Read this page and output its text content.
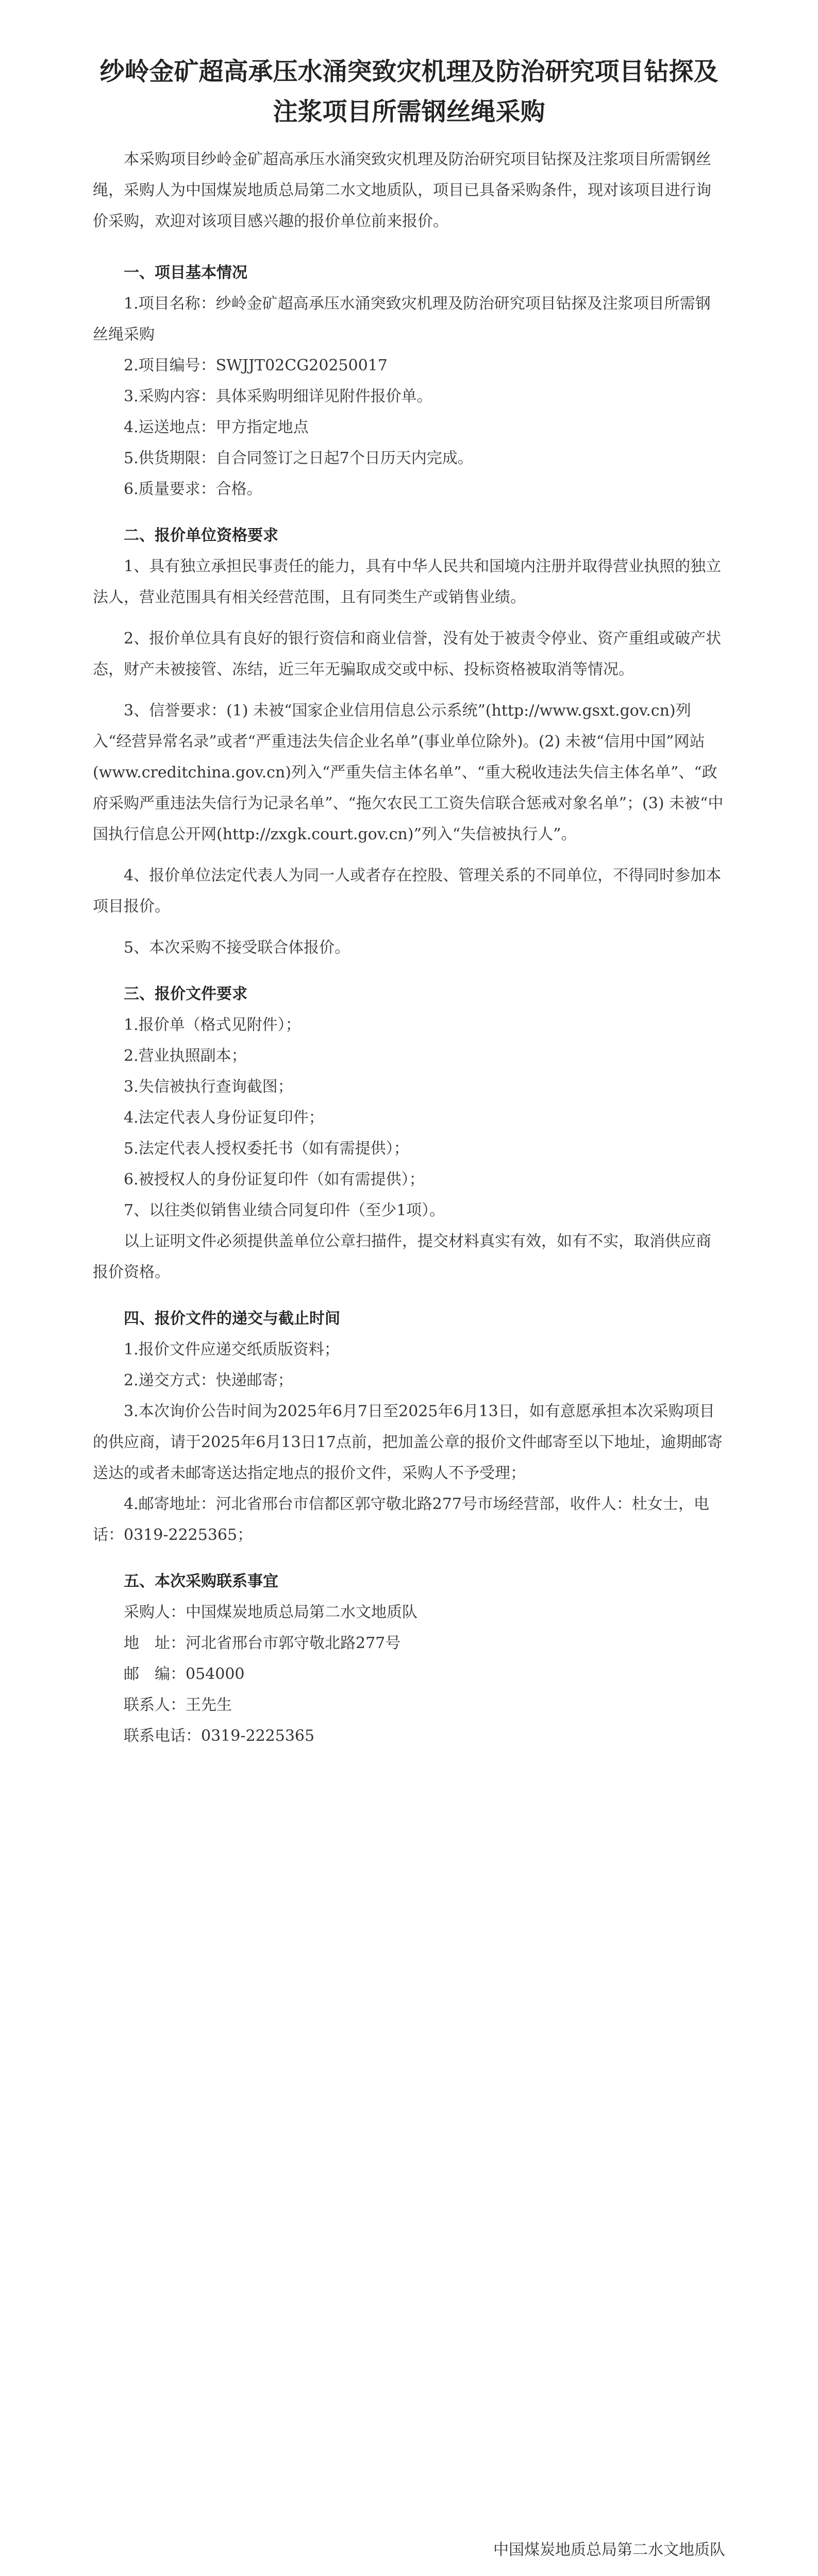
纱岭金矿超高承压水涌突致灾机理及防治研究项目钻探及注浆项目所需钢丝绳采购

本采购项目纱岭金矿超高承压水涌突致灾机理及防治研究项目钻探及注浆项目所需钢丝绳，采购人为中国煤炭地质总局第二水文地质队，项目已具备采购条件，现对该项目进行询价采购，欢迎对该项目感兴趣的报价单位前来报价。

一、项目基本情况

1.项目名称：纱岭金矿超高承压水涌突致灾机理及防治研究项目钻探及注浆项目所需钢丝绳采购

2.项目编号：SWJJT02CG20250017

3.采购内容：具体采购明细详见附件报价单。

4.运送地点：甲方指定地点

5.供货期限：自合同签订之日起7个日历天内完成。

6.质量要求：合格。

二、报价单位资格要求

1、具有独立承担民事责任的能力，具有中华人民共和国境内注册并取得营业执照的独立法人，营业范围具有相关经营范围，且有同类生产或销售业绩。

2、报价单位具有良好的银行资信和商业信誉，没有处于被责令停业、资产重组或破产状态，财产未被接管、冻结，近三年无骗取成交或中标、投标资格被取消等情况。

3、信誉要求：(1) 未被“国家企业信用信息公示系统”(http://www.gsxt.gov.cn)列入“经营异常名录”或者“严重违法失信企业名单”(事业单位除外)。(2) 未被“信用中国”网站(www.creditchina.gov.cn)列入“严重失信主体名单”、“重大税收违法失信主体名单”、“政府采购严重违法失信行为记录名单”、“拖欠农民工工资失信联合惩戒对象名单”；(3) 未被“中国执行信息公开网(http://zxgk.court.gov.cn)”列入“失信被执行人”。

4、报价单位法定代表人为同一人或者存在控股、管理关系的不同单位，不得同时参加本项目报价。

5、本次采购不接受联合体报价。

三、报价文件要求

1.报价单（格式见附件）；

2.营业执照副本；

3.失信被执行查询截图；

4.法定代表人身份证复印件；

5.法定代表人授权委托书（如有需提供）；

6.被授权人的身份证复印件（如有需提供）；

7、以往类似销售业绩合同复印件（至少1项）。

以上证明文件必须提供盖单位公章扫描件，提交材料真实有效，如有不实，取消供应商报价资格。

四、报价文件的递交与截止时间

1.报价文件应递交纸质版资料；

2.递交方式：快递邮寄；

3.本次询价公告时间为2025年6月7日至2025年6月13日，如有意愿承担本次采购项目的供应商，请于2025年6月13日17点前，把加盖公章的报价文件邮寄至以下地址，逾期邮寄送达的或者未邮寄送达指定地点的报价文件，采购人不予受理；

4.邮寄地址：河北省邢台市信都区郭守敬北路277号市场经营部，收件人：杜女士，电话：0319-2225365；

五、本次采购联系事宜

采购人：中国煤炭地质总局第二水文地质队

地　址：河北省邢台市郭守敬北路277号

邮　编：054000

联系人：王先生

联系电话：0319-2225365

中国煤炭地质总局第二水文地质队
